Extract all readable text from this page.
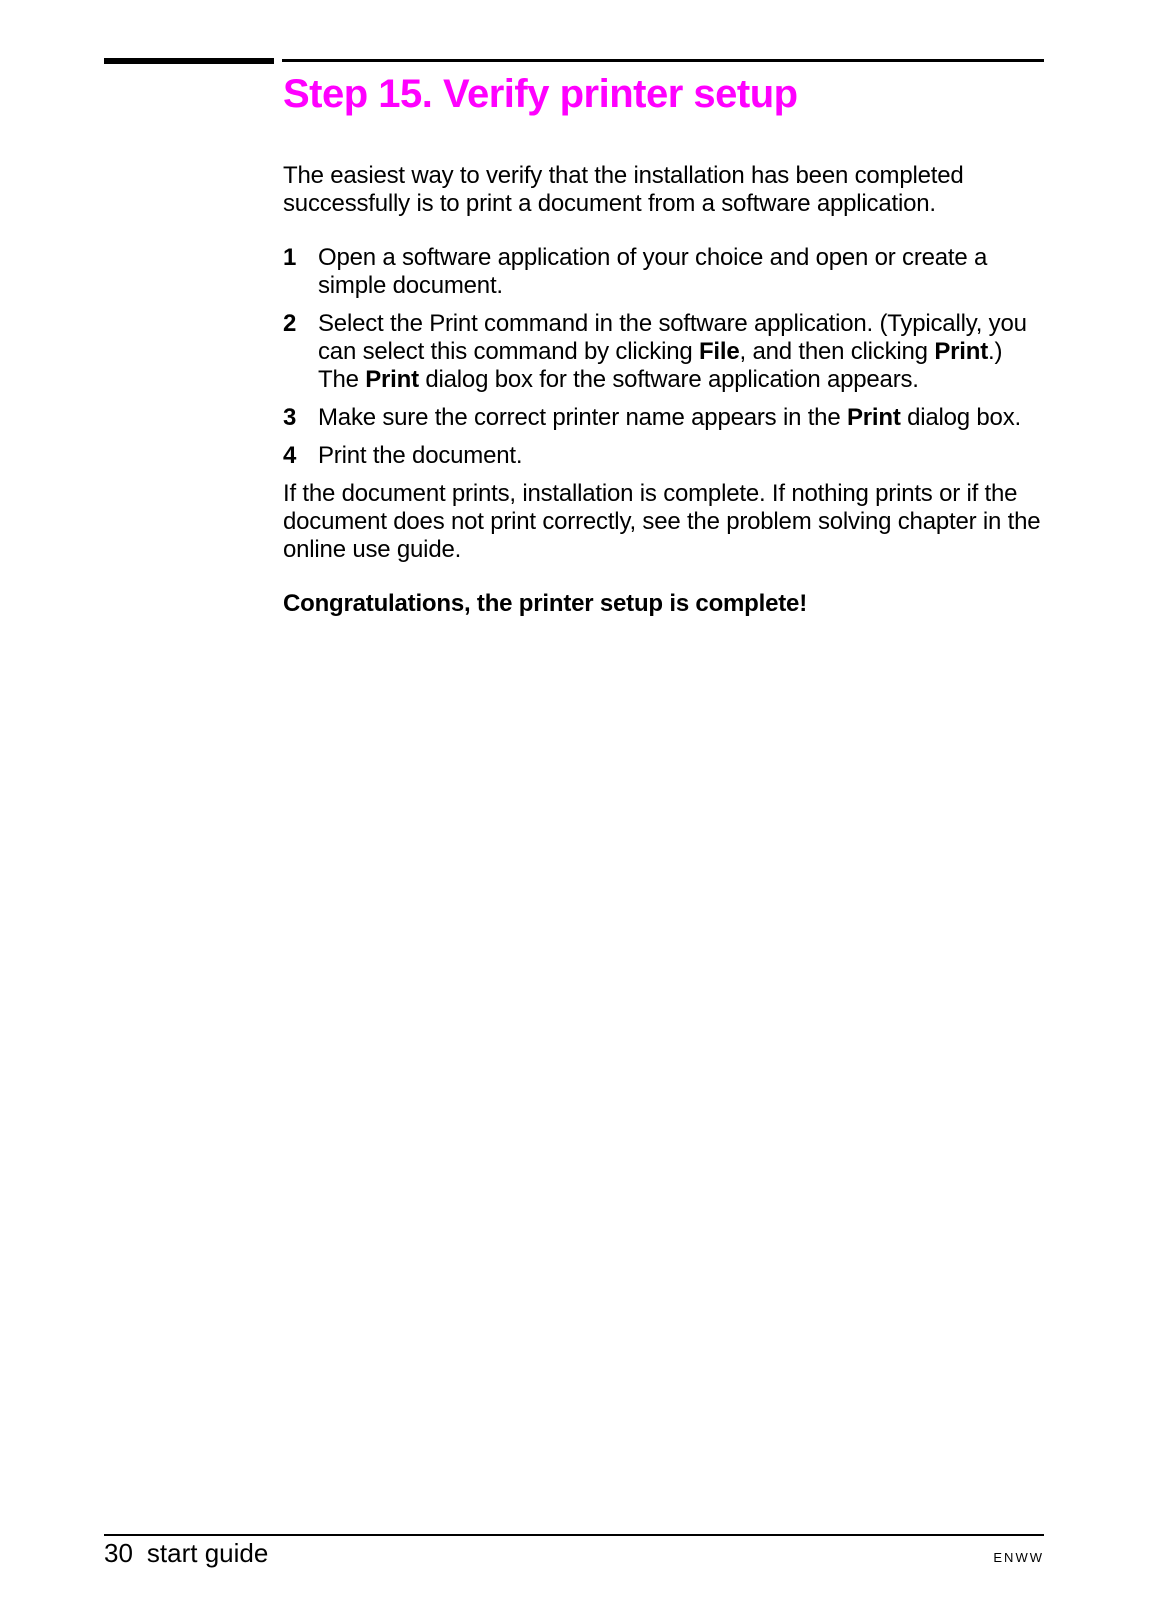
Step 15. Verify printer setup

The easiest way to verify that the installation has been completed successfully is to print a document from a software application.

1 Open a software application of your choice and open or create a simple document.
2 Select the Print command in the software application. (Typically, you can select this command by clicking File, and then clicking Print.) The Print dialog box for the software application appears.
3 Make sure the correct printer name appears in the Print dialog box.
4 Print the document.

If the document prints, installation is complete. If nothing prints or if the document does not print correctly, see the problem solving chapter in the online use guide.

Congratulations, the printer setup is complete!

30 start guide	ENWW
